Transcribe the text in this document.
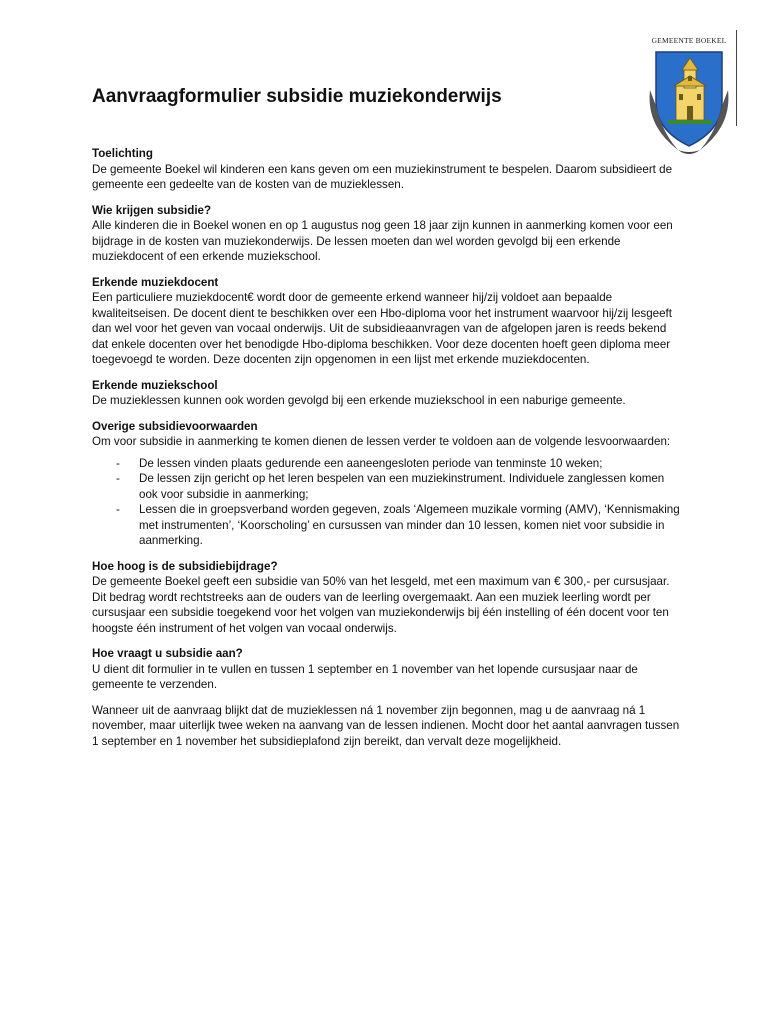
GEMEENTE BOEKEL
Aanvraagformulier subsidie muziekonderwijs

Toelichting

De gemeente Boekel wil kinderen een kans geven om een muziekinstrument te bespelen. Daarom subsidieert de gemeente een gedeelte van de kosten van de muzieklessen.

Wie krijgen subsidie?

Alle kinderen die in Boekel wonen en op 1 augustus nog geen 18 jaar zijn kunnen in aanmerking komen voor een bijdrage in de kosten van muziekonderwijs. De lessen moeten dan wel worden gevolgd bij een erkende muziekdocent of een erkende muziekschool.

Erkende muziekdocent

Een particuliere muziekdocent€ wordt door de gemeente erkend wanneer hij/zij voldoet aan bepaalde kwaliteitseisen. De docent dient te beschikken over een Hbo-diploma voor het instrument waarvoor hij/zij lesgeeft dan wel voor het geven van vocaal onderwijs. Uit de subsidieaanvragen van de afgelopen jaren is reeds bekend dat enkele docenten over het benodigde Hbo-diploma beschikken. Voor deze docenten hoeft geen diploma meer toegevoegd te worden. Deze docenten zijn opgenomen in een lijst met erkende muziekdocenten.

Erkende muziekschool

De muzieklessen kunnen ook worden gevolgd bij een erkende muziekschool in een naburige gemeente.

Overige subsidievoorwaarden

Om voor subsidie in aanmerking te komen dienen de lessen verder te voldoen aan de volgende lesvoorwaarden:

- De lessen vinden plaats gedurende een aaneengesloten periode van tenminste 10 weken;
- De lessen zijn gericht op het leren bespelen van een muziekinstrument. Individuele zanglessen komen ook voor subsidie in aanmerking;
- Lessen die in groepsverband worden gegeven, zoals ‘Algemeen muzikale vorming (AMV), ‘Kennismaking met instrumenten’, ‘Koorscholing’ en cursussen van minder dan 10 lessen, komen niet voor subsidie in aanmerking.

Hoe hoog is de subsidiebijdrage?

De gemeente Boekel geeft een subsidie van 50% van het lesgeld, met een maximum van € 300,- per cursusjaar. Dit bedrag wordt rechtstreeks aan de ouders van de leerling overgemaakt. Aan een muziek leerling wordt per cursusjaar een subsidie toegekend voor het volgen van muziekonderwijs bij één instelling of één docent voor ten hoogste één instrument of het volgen van vocaal onderwijs.

Hoe vraagt u subsidie aan?

U dient dit formulier in te vullen en tussen 1 september en 1 november van het lopende cursusjaar naar de gemeente te verzenden.

Wanneer uit de aanvraag blijkt dat de muzieklessen ná 1 november zijn begonnen, mag u de aanvraag ná 1 november, maar uiterlijk twee weken na aanvang van de lessen indienen. Mocht door het aantal aanvragen tussen 1 september en 1 november het subsidieplafond zijn bereikt, dan vervalt deze mogelijkheid.
